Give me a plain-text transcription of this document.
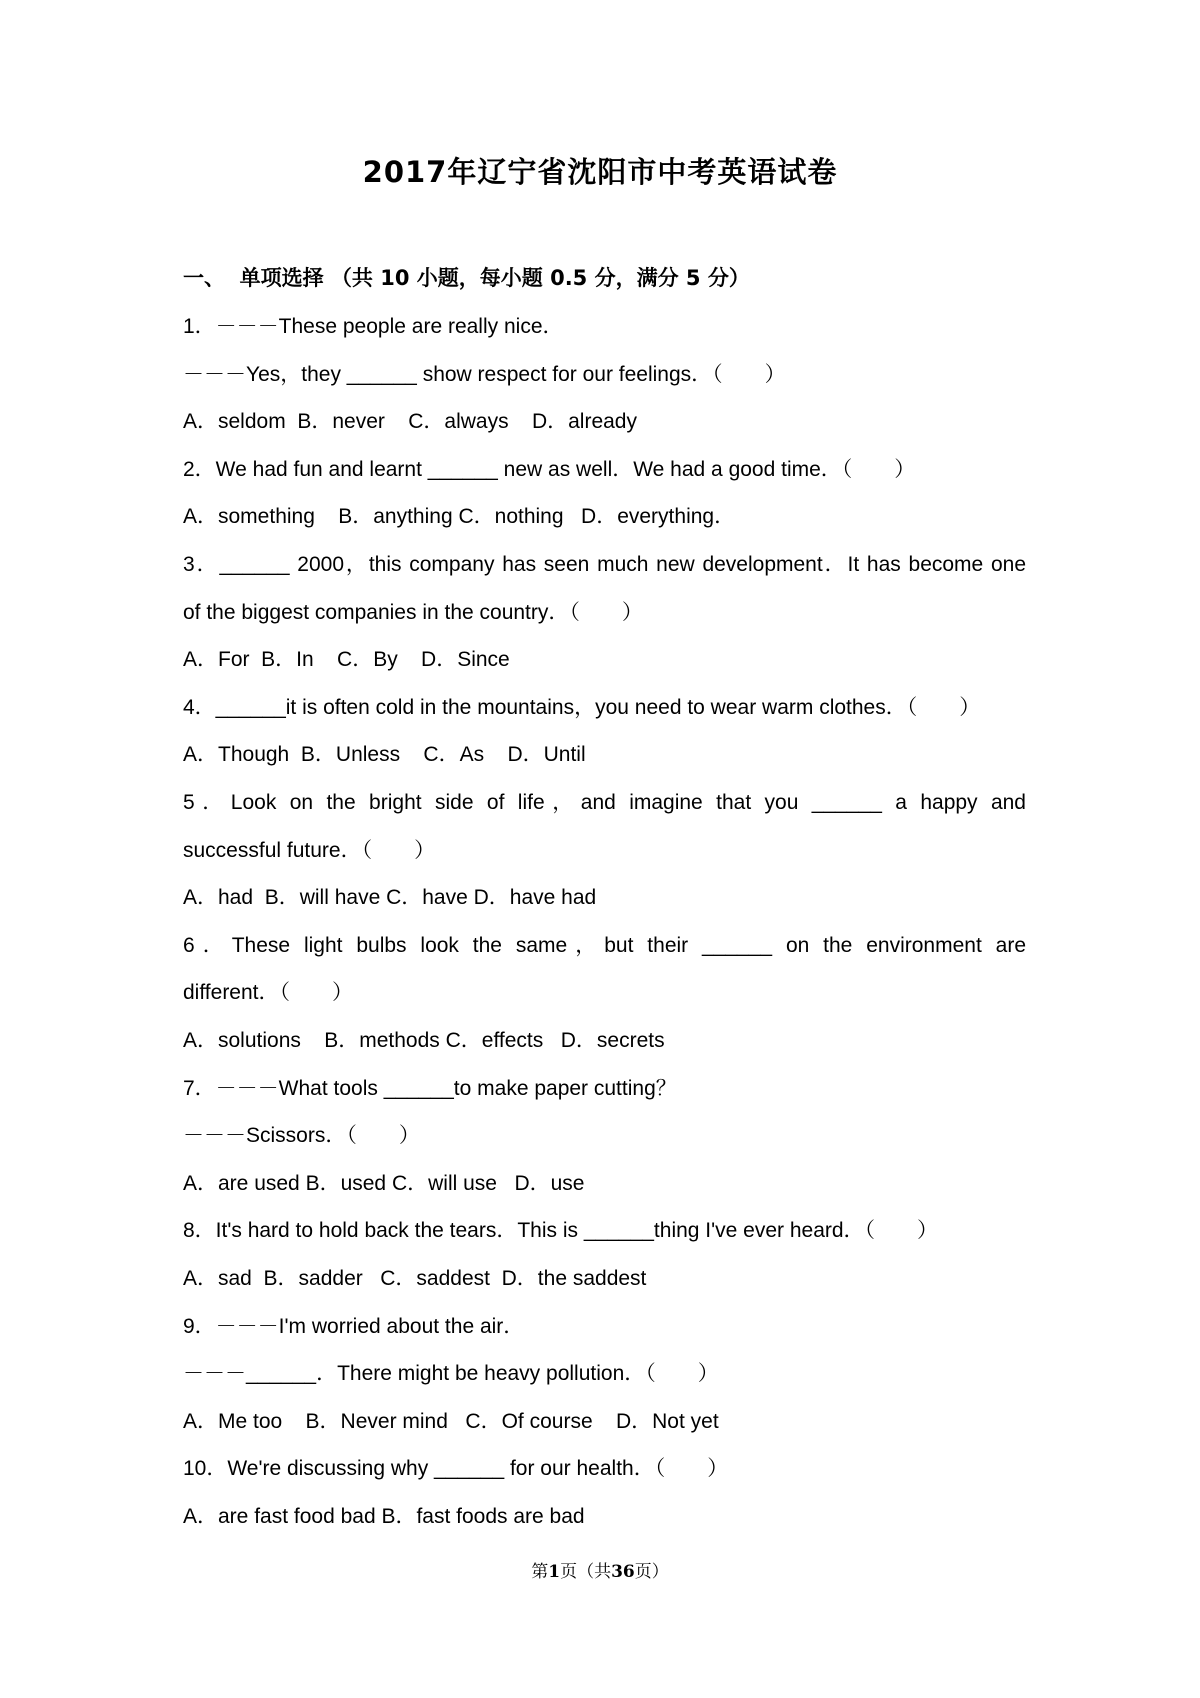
2017年辽宁省沈阳市中考英语试卷
一、  单项选择 （共 10 小题，每小题 0.5 分，满分 5 分）
1．－－－These people are really nice．
－－－Yes，they ______ show respect for our feelings．（　　）
A．seldom  B．never    C．always    D．already
2．We had fun and learnt ______ new as well．We had a good time．（　　）
A．something    B．anything C．nothing   D．everything．
3．______ 2000，this company has seen much new development．It has become one
of the biggest companies in the country．（　　）
A．For  B．In    C．By    D．Since
4．______it is often cold in the mountains，you need to wear warm clothes．（　　）
A．Though  B．Unless    C．As    D．Until
5．Look on the bright side of life，and imagine that you ______ a happy and
successful future．（　　）
A．had  B．will have C．have D．have had
6．These light bulbs look the same，but their ______ on the environment are
different．（　　）
A．solutions    B．methods C．effects   D．secrets
7．－－－What tools ______to make paper cutting？
－－－Scissors．（　　）
A．are used B．used C．will use   D．use
8．It's hard to hold back the tears．This is ______thing I've ever heard．（　　）
A．sad  B．sadder   C．saddest  D．the saddest
9．－－－I'm worried about the air．
－－－______．There might be heavy pollution．（　　）
A．Me too    B．Never mind   C．Of course    D．Not yet
10．We're discussing why ______ for our health．（　　）
A．are fast food bad B．fast foods are bad
第1页（共36页）
